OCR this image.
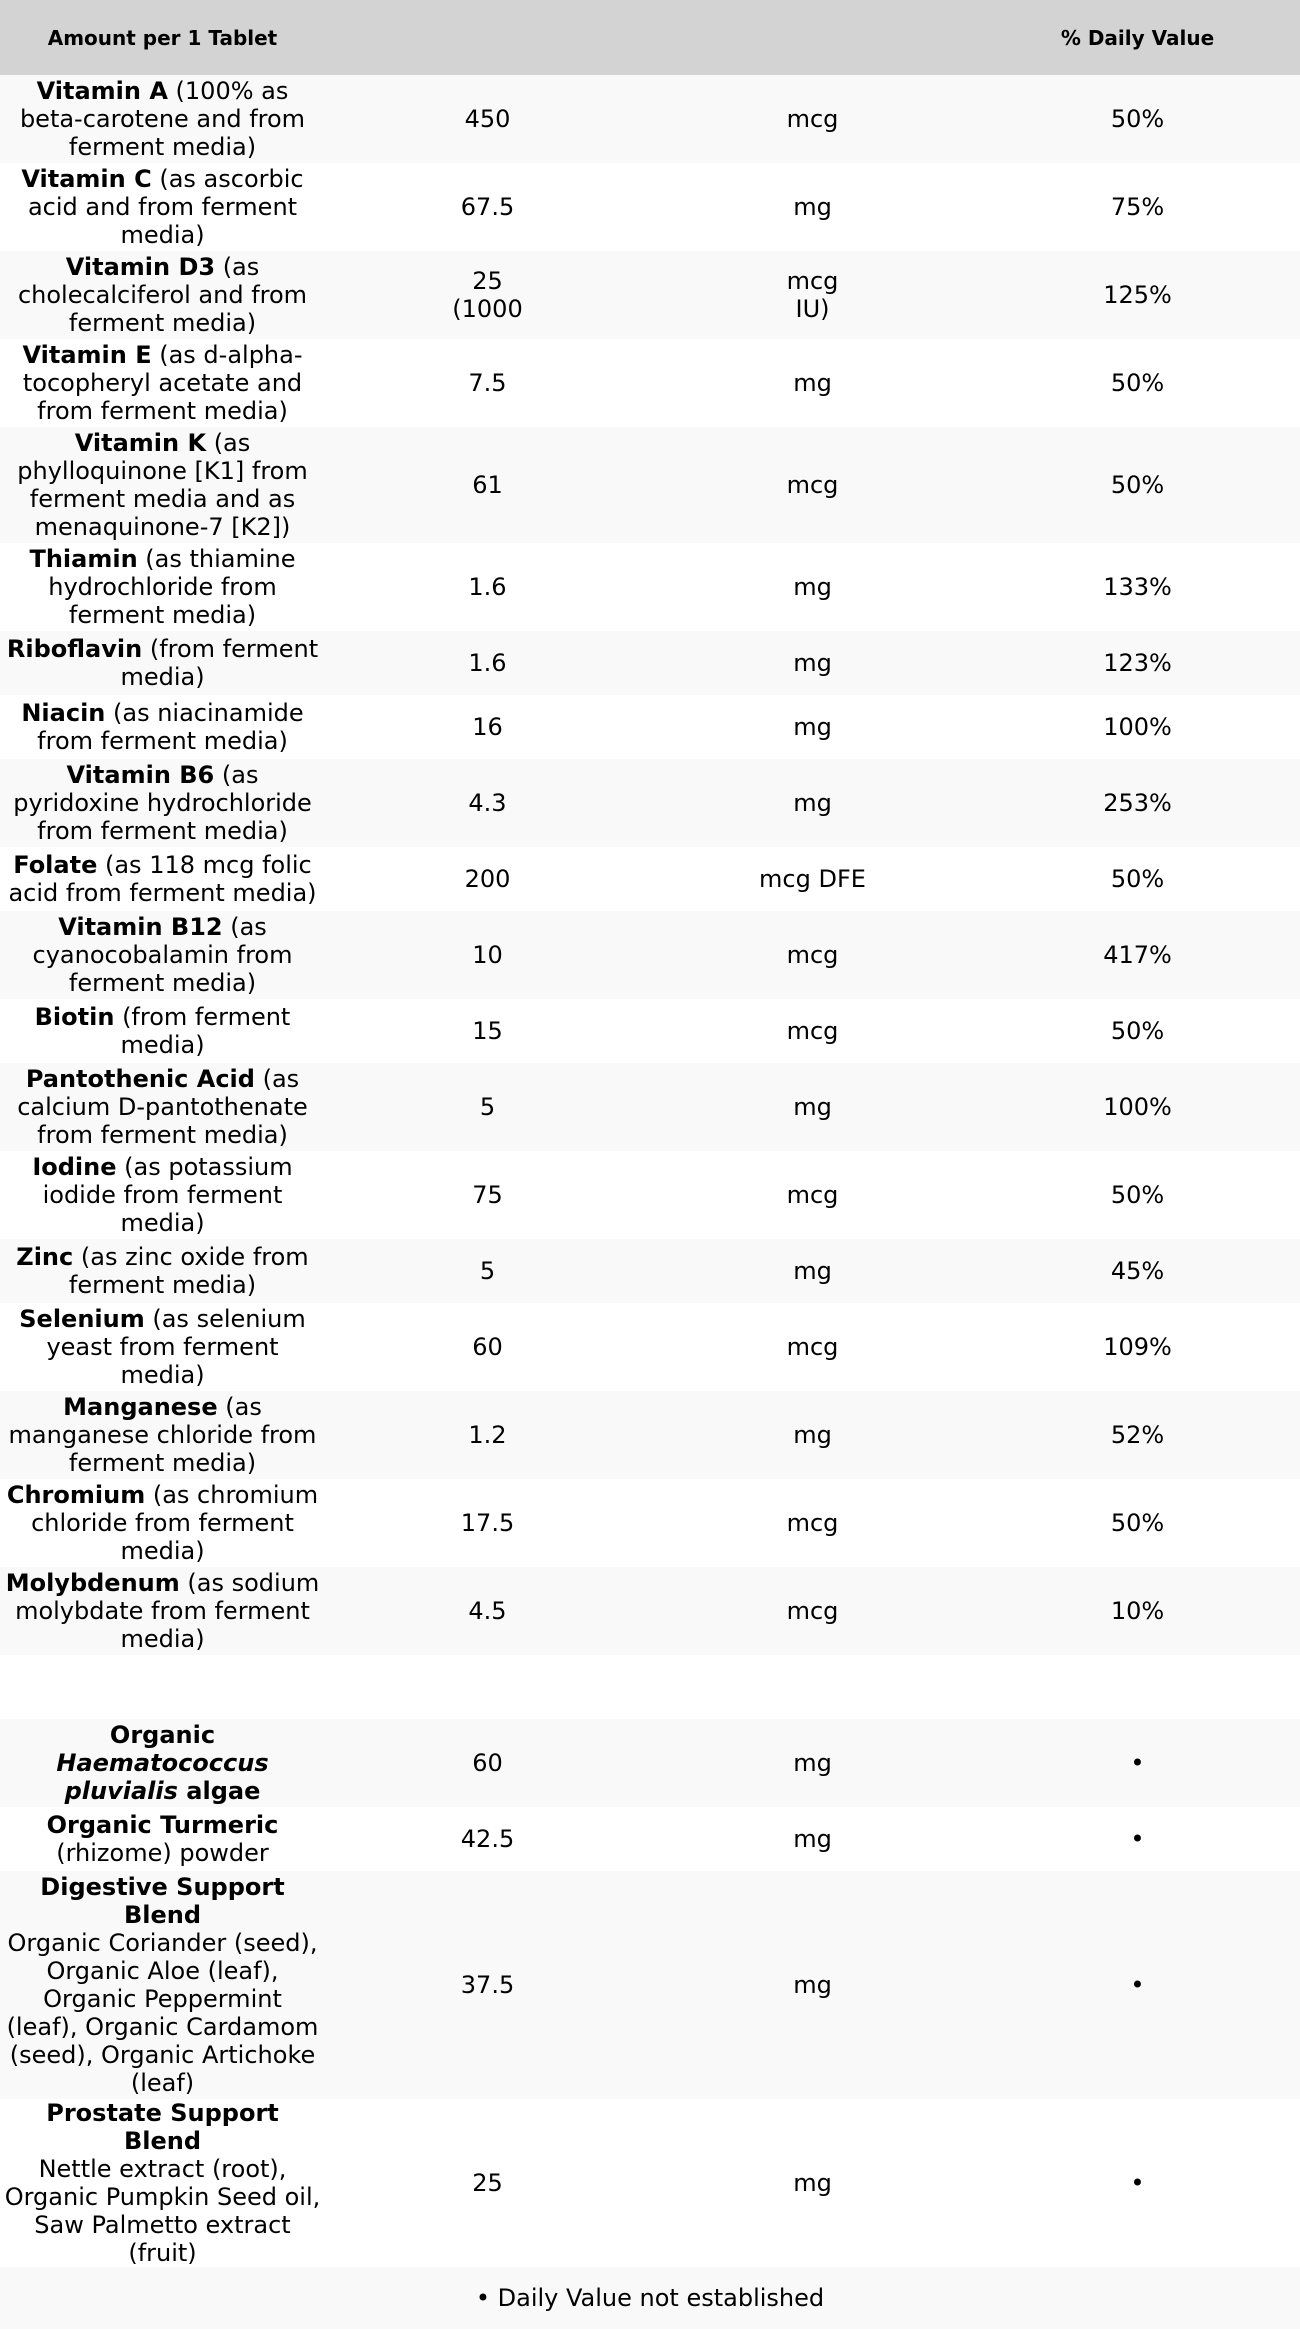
Amount per 1 Tablet			% Daily Value
Vitamin A (100% as beta-carotene and from ferment media)	450	mcg	50%
Vitamin C (as ascorbic acid and from ferment media)	67.5	mg	75%
Vitamin D3 (as cholecalciferol and from ferment media)	25 (1000	mcg IU)	125%
Vitamin E (as d-alpha-tocopheryl acetate and from ferment media)	7.5	mg	50%
Vitamin K (as phylloquinone [K1] from ferment media and as menaquinone-7 [K2])	61	mcg	50%
Thiamin (as thiamine hydrochloride from ferment media)	1.6	mg	133%
Riboflavin (from ferment media)	1.6	mg	123%
Niacin (as niacinamide from ferment media)	16	mg	100%
Vitamin B6 (as pyridoxine hydrochloride from ferment media)	4.3	mg	253%
Folate (as 118 mcg folic acid from ferment media)	200	mcg DFE	50%
Vitamin B12 (as cyanocobalamin from ferment media)	10	mcg	417%
Biotin (from ferment media)	15	mcg	50%
Pantothenic Acid (as calcium D-pantothenate from ferment media)	5	mg	100%
Iodine (as potassium iodide from ferment media)	75	mcg	50%
Zinc (as zinc oxide from ferment media)	5	mg	45%
Selenium (as selenium yeast from ferment media)	60	mcg	109%
Manganese (as manganese chloride from ferment media)	1.2	mg	52%
Chromium (as chromium chloride from ferment media)	17.5	mcg	50%
Molybdenum (as sodium molybdate from ferment media)	4.5	mcg	10%

Organic Haematococcus pluvialis algae	60	mg	•
Organic Turmeric (rhizome) powder	42.5	mg	•
Digestive Support Blend
Organic Coriander (seed), Organic Aloe (leaf), Organic Peppermint (leaf), Organic Cardamom (seed), Organic Artichoke (leaf)	37.5	mg	•
Prostate Support Blend
Nettle extract (root), Organic Pumpkin Seed oil, Saw Palmetto extract (fruit)	25	mg	•
• Daily Value not established			
